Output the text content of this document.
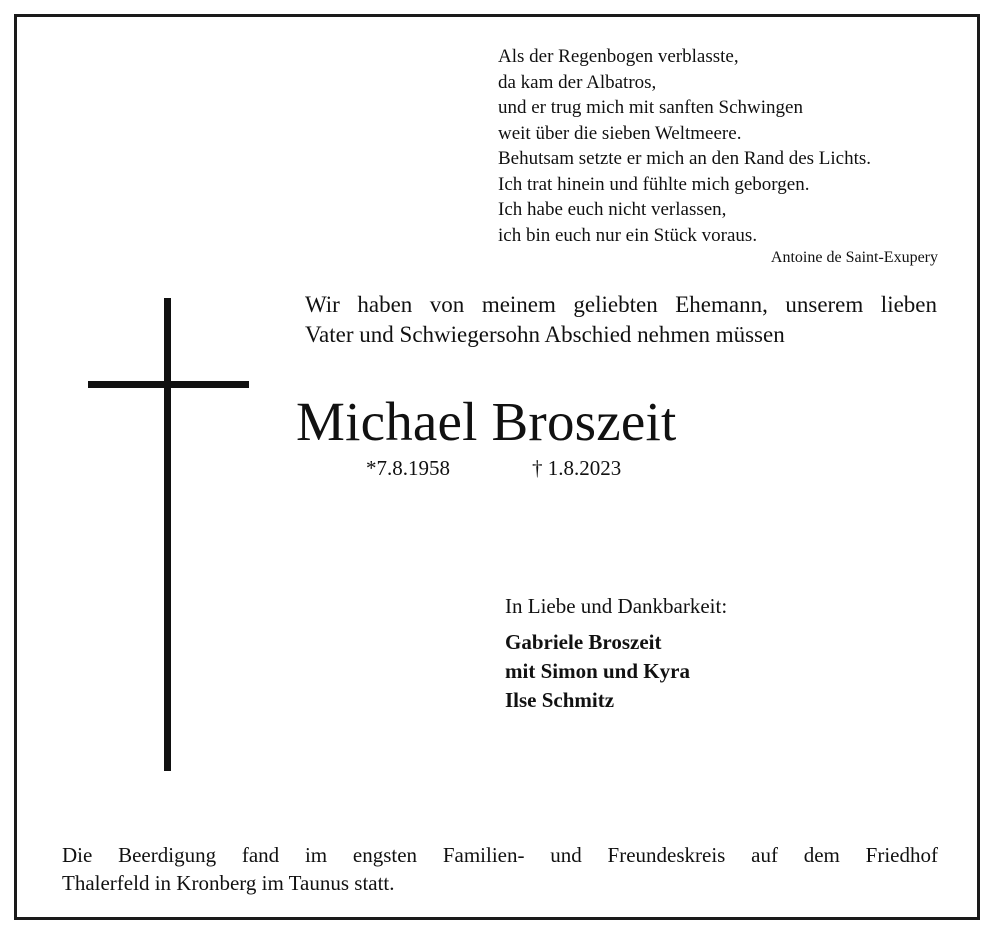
Als der Regenbogen verblasste,
da kam der Albatros,
und er trug mich mit sanften Schwingen
weit über die sieben Weltmeere.
Behutsam setzte er mich an den Rand des Lichts.
Ich trat hinein und fühlte mich geborgen.
Ich habe euch nicht verlassen,
ich bin euch nur ein Stück voraus.
Antoine de Saint-Exupery
Wir haben von meinem geliebten Ehemann, unserem lieben
Vater und Schwiegersohn Abschied nehmen müssen
Michael Broszeit
*7.8.1958	† 1.8.2023
In Liebe und Dankbarkeit:
Gabriele Broszeit
mit Simon und Kyra
Ilse Schmitz
Die Beerdigung fand im engsten Familien- und Freundeskreis auf dem Friedhof
Thalerfeld in Kronberg im Taunus statt.
